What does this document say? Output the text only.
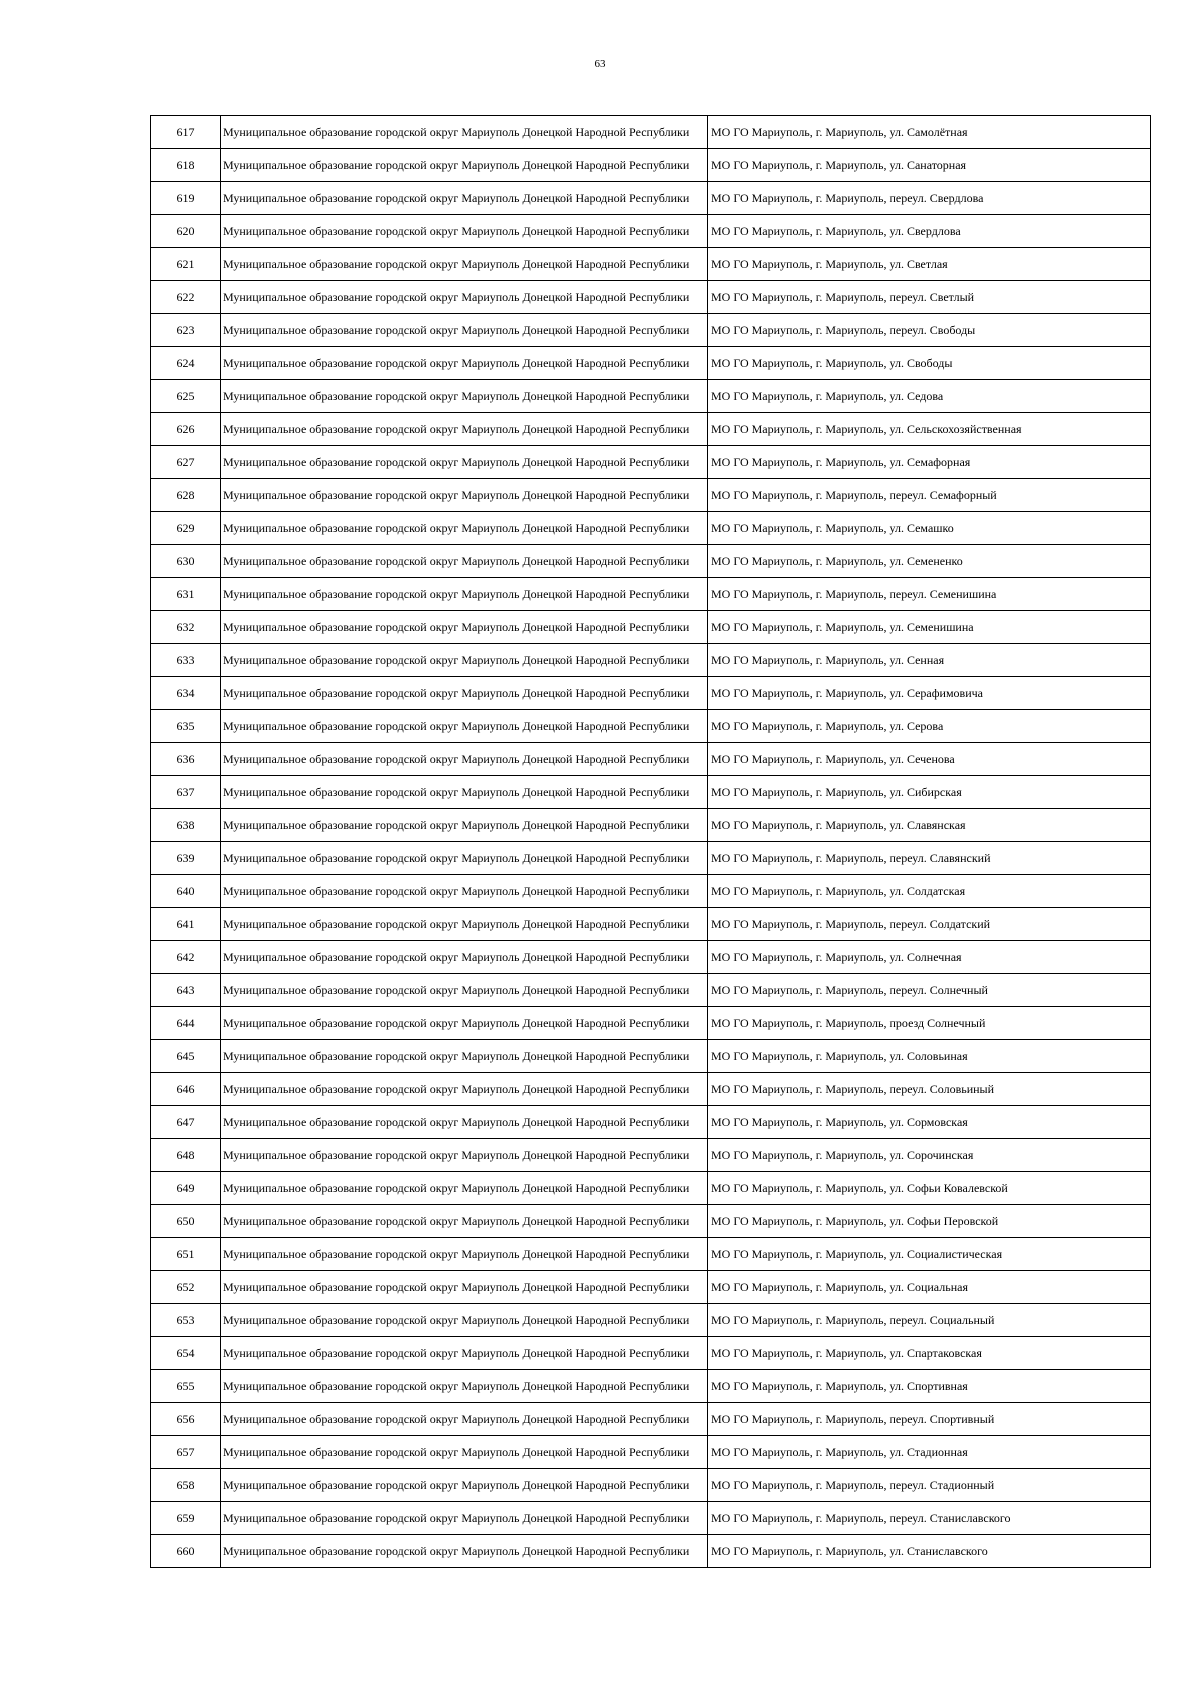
63
617	Муниципальное образование городской округ Мариуполь Донецкой Народной Республики	МО ГО Мариуполь, г. Мариуполь, ул. Самолётная
618	Муниципальное образование городской округ Мариуполь Донецкой Народной Республики	МО ГО Мариуполь, г. Мариуполь, ул. Санаторная
619	Муниципальное образование городской округ Мариуполь Донецкой Народной Республики	МО ГО Мариуполь, г. Мариуполь, переул. Свердлова
620	Муниципальное образование городской округ Мариуполь Донецкой Народной Республики	МО ГО Мариуполь, г. Мариуполь, ул. Свердлова
621	Муниципальное образование городской округ Мариуполь Донецкой Народной Республики	МО ГО Мариуполь, г. Мариуполь, ул. Светлая
622	Муниципальное образование городской округ Мариуполь Донецкой Народной Республики	МО ГО Мариуполь, г. Мариуполь, переул. Светлый
623	Муниципальное образование городской округ Мариуполь Донецкой Народной Республики	МО ГО Мариуполь, г. Мариуполь, переул. Свободы
624	Муниципальное образование городской округ Мариуполь Донецкой Народной Республики	МО ГО Мариуполь, г. Мариуполь, ул. Свободы
625	Муниципальное образование городской округ Мариуполь Донецкой Народной Республики	МО ГО Мариуполь, г. Мариуполь, ул. Седова
626	Муниципальное образование городской округ Мариуполь Донецкой Народной Республики	МО ГО Мариуполь, г. Мариуполь, ул. Сельскохозяйственная
627	Муниципальное образование городской округ Мариуполь Донецкой Народной Республики	МО ГО Мариуполь, г. Мариуполь, ул. Семафорная
628	Муниципальное образование городской округ Мариуполь Донецкой Народной Республики	МО ГО Мариуполь, г. Мариуполь, переул. Семафорный
629	Муниципальное образование городской округ Мариуполь Донецкой Народной Республики	МО ГО Мариуполь, г. Мариуполь, ул. Семашко
630	Муниципальное образование городской округ Мариуполь Донецкой Народной Республики	МО ГО Мариуполь, г. Мариуполь, ул. Семененко
631	Муниципальное образование городской округ Мариуполь Донецкой Народной Республики	МО ГО Мариуполь, г. Мариуполь, переул. Семенишина
632	Муниципальное образование городской округ Мариуполь Донецкой Народной Республики	МО ГО Мариуполь, г. Мариуполь, ул. Семенишина
633	Муниципальное образование городской округ Мариуполь Донецкой Народной Республики	МО ГО Мариуполь, г. Мариуполь, ул. Сенная
634	Муниципальное образование городской округ Мариуполь Донецкой Народной Республики	МО ГО Мариуполь, г. Мариуполь, ул. Серафимовича
635	Муниципальное образование городской округ Мариуполь Донецкой Народной Республики	МО ГО Мариуполь, г. Мариуполь, ул. Серова
636	Муниципальное образование городской округ Мариуполь Донецкой Народной Республики	МО ГО Мариуполь, г. Мариуполь, ул. Сеченова
637	Муниципальное образование городской округ Мариуполь Донецкой Народной Республики	МО ГО Мариуполь, г. Мариуполь, ул. Сибирская
638	Муниципальное образование городской округ Мариуполь Донецкой Народной Республики	МО ГО Мариуполь, г. Мариуполь, ул. Славянская
639	Муниципальное образование городской округ Мариуполь Донецкой Народной Республики	МО ГО Мариуполь, г. Мариуполь, переул. Славянский
640	Муниципальное образование городской округ Мариуполь Донецкой Народной Республики	МО ГО Мариуполь, г. Мариуполь, ул. Солдатская
641	Муниципальное образование городской округ Мариуполь Донецкой Народной Республики	МО ГО Мариуполь, г. Мариуполь, переул. Солдатский
642	Муниципальное образование городской округ Мариуполь Донецкой Народной Республики	МО ГО Мариуполь, г. Мариуполь, ул. Солнечная
643	Муниципальное образование городской округ Мариуполь Донецкой Народной Республики	МО ГО Мариуполь, г. Мариуполь, переул. Солнечный
644	Муниципальное образование городской округ Мариуполь Донецкой Народной Республики	МО ГО Мариуполь, г. Мариуполь, проезд Солнечный
645	Муниципальное образование городской округ Мариуполь Донецкой Народной Республики	МО ГО Мариуполь, г. Мариуполь, ул. Соловьиная
646	Муниципальное образование городской округ Мариуполь Донецкой Народной Республики	МО ГО Мариуполь, г. Мариуполь, переул. Соловьиный
647	Муниципальное образование городской округ Мариуполь Донецкой Народной Республики	МО ГО Мариуполь, г. Мариуполь, ул. Сормовская
648	Муниципальное образование городской округ Мариуполь Донецкой Народной Республики	МО ГО Мариуполь, г. Мариуполь, ул. Сорочинская
649	Муниципальное образование городской округ Мариуполь Донецкой Народной Республики	МО ГО Мариуполь, г. Мариуполь, ул. Софьи Ковалевской
650	Муниципальное образование городской округ Мариуполь Донецкой Народной Республики	МО ГО Мариуполь, г. Мариуполь, ул. Софьи Перовской
651	Муниципальное образование городской округ Мариуполь Донецкой Народной Республики	МО ГО Мариуполь, г. Мариуполь, ул. Социалистическая
652	Муниципальное образование городской округ Мариуполь Донецкой Народной Республики	МО ГО Мариуполь, г. Мариуполь, ул. Социальная
653	Муниципальное образование городской округ Мариуполь Донецкой Народной Республики	МО ГО Мариуполь, г. Мариуполь, переул. Социальный
654	Муниципальное образование городской округ Мариуполь Донецкой Народной Республики	МО ГО Мариуполь, г. Мариуполь, ул. Спартаковская
655	Муниципальное образование городской округ Мариуполь Донецкой Народной Республики	МО ГО Мариуполь, г. Мариуполь, ул. Спортивная
656	Муниципальное образование городской округ Мариуполь Донецкой Народной Республики	МО ГО Мариуполь, г. Мариуполь, переул. Спортивный
657	Муниципальное образование городской округ Мариуполь Донецкой Народной Республики	МО ГО Мариуполь, г. Мариуполь, ул. Стадионная
658	Муниципальное образование городской округ Мариуполь Донецкой Народной Республики	МО ГО Мариуполь, г. Мариуполь, переул. Стадионный
659	Муниципальное образование городской округ Мариуполь Донецкой Народной Республики	МО ГО Мариуполь, г. Мариуполь, переул. Станиславского
660	Муниципальное образование городской округ Мариуполь Донецкой Народной Республики	МО ГО Мариуполь, г. Мариуполь, ул. Станиславского
